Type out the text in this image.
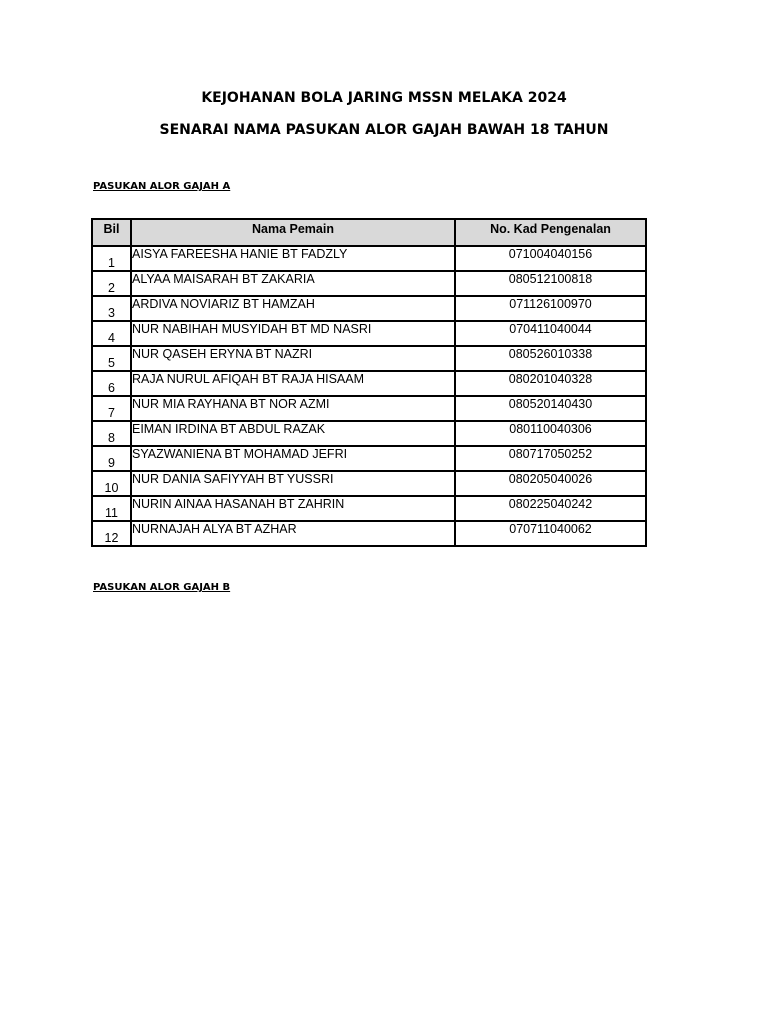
KEJOHANAN BOLA JARING MSSN MELAKA 2024
SENARAI NAMA PASUKAN ALOR GAJAH BAWAH 18 TAHUN
PASUKAN ALOR GAJAH A
Bil	Nama Pemain	No. Kad Pengenalan
1	AISYA FAREESHA HANIE BT FADZLY	071004040156
2	ALYAA MAISARAH BT ZAKARIA	080512100818
3	ARDIVA NOVIARIZ BT HAMZAH	071126100970
4	NUR NABIHAH MUSYIDAH BT MD NASRI	070411040044
5	NUR QASEH ERYNA BT NAZRI	080526010338
6	RAJA NURUL AFIQAH BT RAJA HISAAM	080201040328
7	NUR MIA RAYHANA BT NOR AZMI	080520140430
8	EIMAN IRDINA BT ABDUL RAZAK	080110040306
9	SYAZWANIENA BT MOHAMAD JEFRI	080717050252
10	NUR DANIA SAFIYYAH BT YUSSRI	080205040026
11	NURIN AINAA HASANAH BT ZAHRIN	080225040242
12	NURNAJAH ALYA BT AZHAR	070711040062
PASUKAN ALOR GAJAH B
